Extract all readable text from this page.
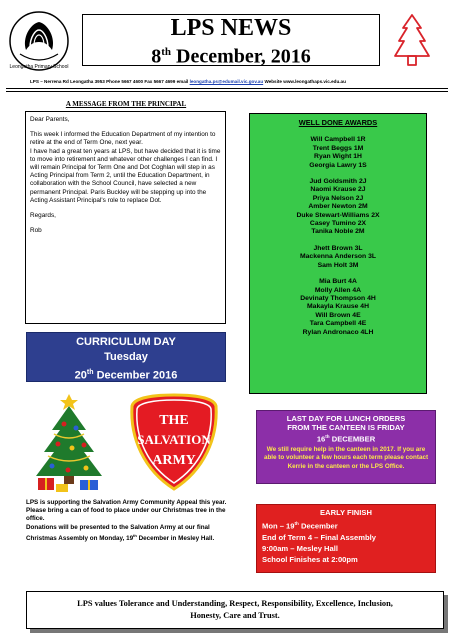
Leongatha Primary School
LPS NEWS
8th December, 2016
LPS – Nerrena Rd Leongatha 3953 Phone 5667 4600 Fax 5667 4699 email leongatha.ps@edumail.vic.gov.au Website www.leongathaps.vic.edu.au
A MESSAGE FROM THE PRINCIPAL

Dear Parents,

This week I informed the Education Department of my intention to retire at the end of Term One, next year.

I have had a great ten years at LPS, but have decided that it is time to move into retirement and whatever other challenges I can find. I will remain Principal for Term One and Dot Coghlan will step in as Acting Principal from Term 2, until the Education Department, in collaboration with the School Council, have selected a new permanent Principal. Paris Buckley will be stepping up into the Acting Assistant Principal's role to replace Dot.

Regards,

Rob

CURRICULUM DAY
Tuesday
20th December 2016
THE
SALVATION
ARMY
LPS is supporting the Salvation Army Community Appeal this year. Please bring a can of food to place under our Christmas tree in the office.
Donations will be presented to the Salvation Army at our final Christmas Assembly on Monday, 19th December in Mesley Hall.
WELL DONE AWARDS
Will Campbell 1R
Trent Beggs 1M
Ryan Wight 1H
Georgia Lawry 1S
Jud Goldsmith 2J
Naomi Krause 2J
Priya Nelson 2J
Amber Newton 2M
Duke Stewart-Williams 2X
Casey Tumino 2X
Tanika Noble 2M
Jhett Brown 3L
Mackenna Anderson 3L
Sam Holt 3M
Mia Burt 4A
Molly Allen 4A
Devinaty Thompson 4H
Makayla Krause 4H
Will Brown 4E
Tara Campbell 4E
Rylan Andronaco 4LH
LAST DAY FOR LUNCH ORDERS
FROM THE CANTEEN IS FRIDAY
16th DECEMBER
We still require help in the canteen in 2017. If you are able to volunteer a few hours each term please contact Kerrie in the canteen or the LPS Office.
EARLY FINISH
Mon – 19th December
End of Term 4 – Final Assembly
9:00am – Mesley Hall
School Finishes at 2:00pm
LPS values Tolerance and Understanding, Respect, Responsibility, Excellence, Inclusion,
Honesty, Care and Trust.
